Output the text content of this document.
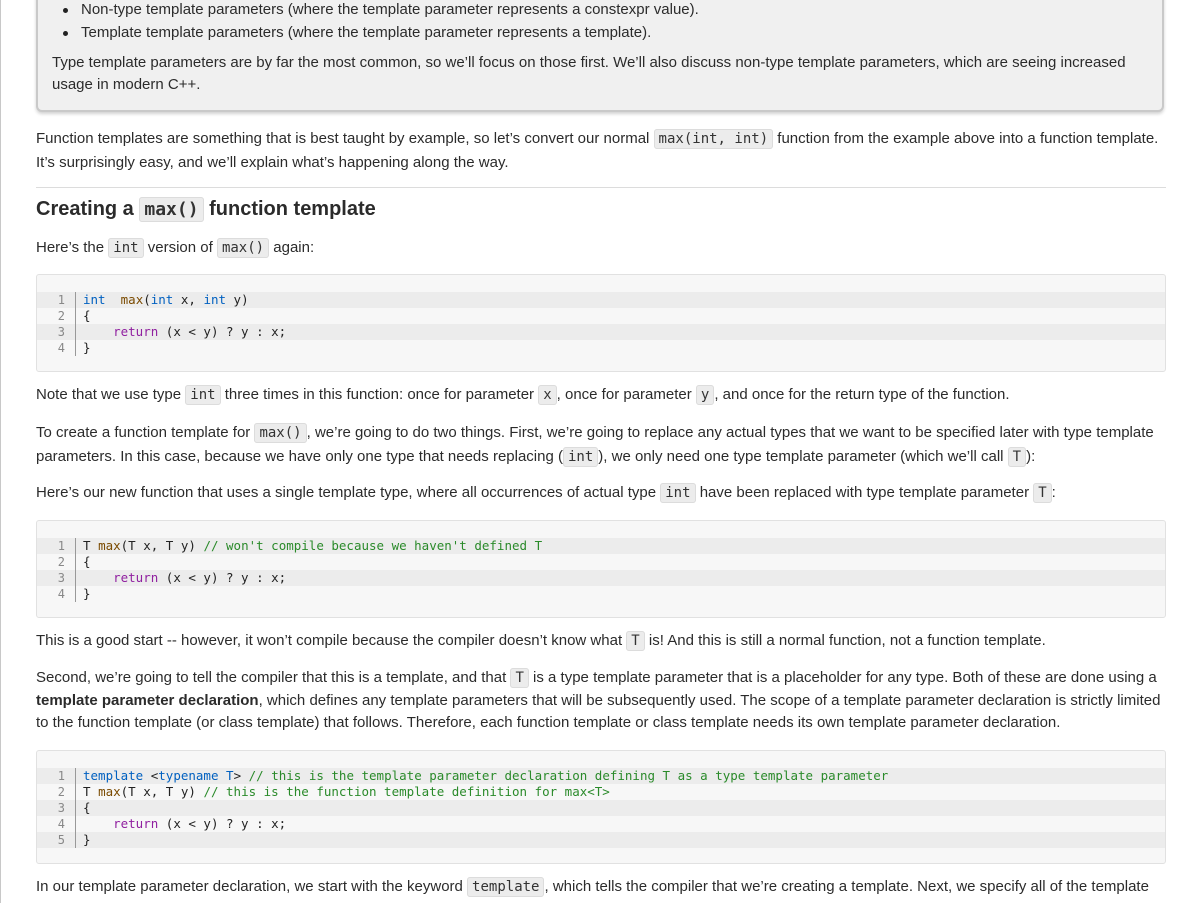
Non-type template parameters (where the template parameter represents a constexpr value).
Template template parameters (where the template parameter represents a template).

Type template parameters are by far the most common, so we’ll focus on those first. We’ll also discuss non-type template parameters, which are seeing increased usage in modern C++.

Function templates are something that is best taught by example, so let’s convert our normal max(int, int) function from the example above into a function template. It’s surprisingly easy, and we’ll explain what’s happening along the way.

Creating a max() function template

Here’s the int version of max() again:

1 int max(int x, int y)
2 {
3	return (x < y) ? y : x;
4 }

Note that we use type int three times in this function: once for parameter x , once for parameter y , and once for the return type of the function.

To create a function template for max() , we’re going to do two things. First, we’re going to replace any actual types that we want to be specified later with type template parameters. In this case, because we have only one type that needs replacing ( int ), we only need one type template parameter (which we’ll call T ):

Here’s our new function that uses a single template type, where all occurrences of actual type int have been replaced with type template parameter T :

1 T max(T x, T y) // won't compile because we haven't defined T
2 {
3	return (x < y) ? y : x;
4 }

This is a good start -- however, it won’t compile because the compiler doesn’t know what T is! And this is still a normal function, not a function template.

Second, we’re going to tell the compiler that this is a template, and that T is a type template parameter that is a placeholder for any type. Both of these are done using a template parameter declaration, which defines any template parameters that will be subsequently used. The scope of a template parameter declaration is strictly limited to the function template (or class template) that follows. Therefore, each function template or class template needs its own template parameter declaration.

1 template <typename T> // this is the template parameter declaration defining T as a type template parameter
2 T max(T x, T y) // this is the function template definition for max<T>
3 {
4	return (x < y) ? y : x;
5 }

In our template parameter declaration, we start with the keyword template , which tells the compiler that we’re creating a template. Next, we specify all of the template
